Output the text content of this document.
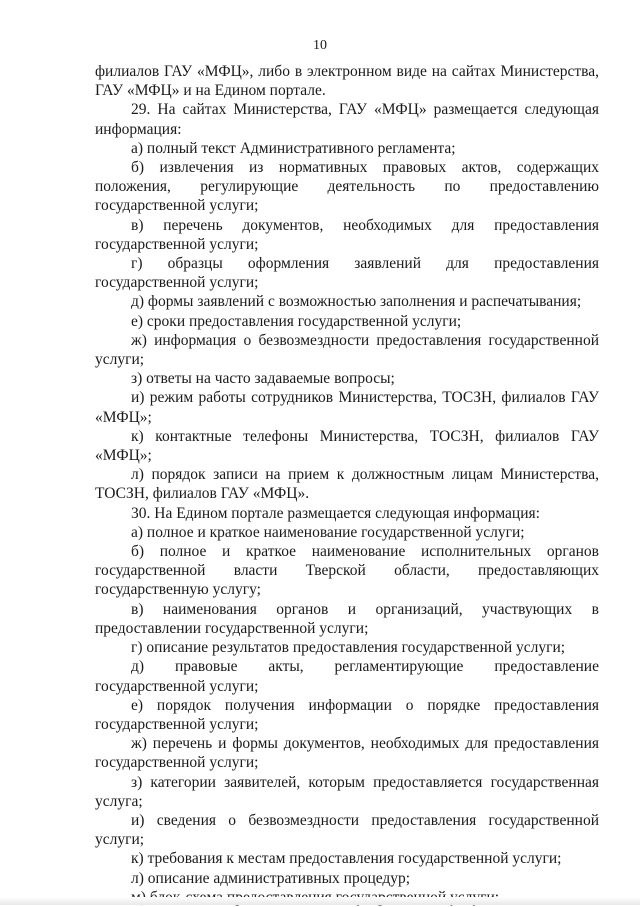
10

филиалов ГАУ «МФЦ», либо в электронном виде на сайтах Министерства, ГАУ «МФЦ» и на Едином портале.

29. На сайтах Министерства, ГАУ «МФЦ» размещается следующая информация:

а) полный текст Административного регламента;

б) извлечения из нормативных правовых актов, содержащих положения, регулирующие деятельность по предоставлению государственной услуги;

в) перечень документов, необходимых для предоставления государственной услуги;

г) образцы оформления заявлений для предоставления государственной услуги;

д) формы заявлений с возможностью заполнения и распечатывания;

е) сроки предоставления государственной услуги;

ж) информация о безвозмездности предоставления государственной услуги;

з) ответы на часто задаваемые вопросы;

и) режим работы сотрудников Министерства, ТОСЗН, филиалов ГАУ «МФЦ»;

к) контактные телефоны Министерства, ТОСЗН, филиалов ГАУ «МФЦ»;

л) порядок записи на прием к должностным лицам Министерства, ТОСЗН, филиалов ГАУ «МФЦ».

30. На Едином портале размещается следующая информация:

а) полное и краткое наименование государственной услуги;

б) полное и краткое наименование исполнительных органов государственной власти Тверской области, предоставляющих государственную услугу;

в) наименования органов и организаций, участвующих в предоставлении государственной услуги;

г) описание результатов предоставления государственной услуги;

д) правовые акты, регламентирующие предоставление государственной услуги;

е) порядок получения информации о порядке предоставления государственной услуги;

ж) перечень и формы документов, необходимых для предоставления государственной услуги;

з) категории заявителей, которым предоставляется государственная услуга;

и) сведения о безвозмездности предоставления государственной услуги;

к) требования к местам предоставления государственной услуги;

л) описание административных процедур;
